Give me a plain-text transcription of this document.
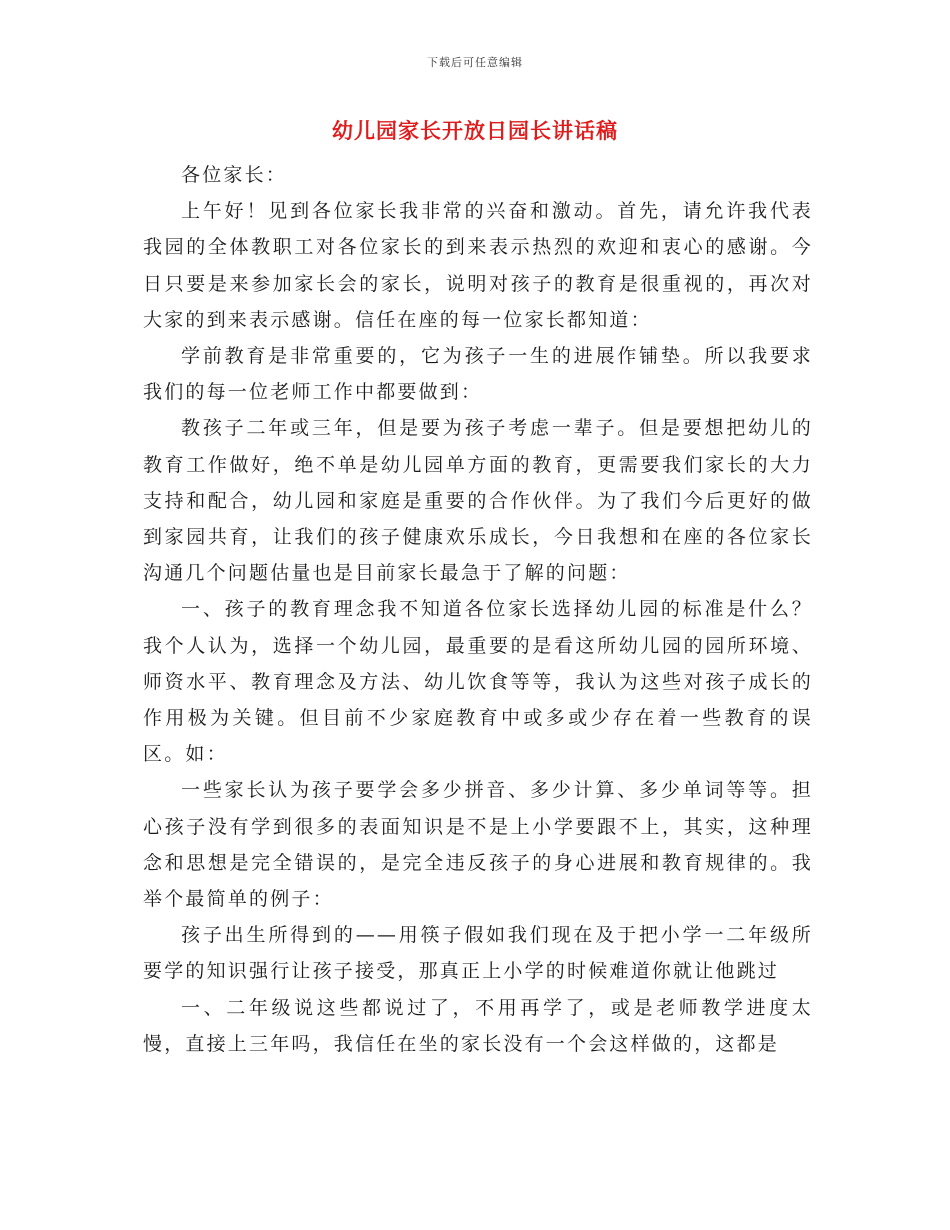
下载后可任意编辑
幼儿园家长开放日园长讲话稿

各位家长：

上午好！见到各位家长我非常的兴奋和激动。首先，请允许我代表我园的全体教职工对各位家长的到来表示热烈的欢迎和衷心的感谢。今日只要是来参加家长会的家长，说明对孩子的教育是很重视的，再次对大家的到来表示感谢。信任在座的每一位家长都知道：

学前教育是非常重要的，它为孩子一生的进展作铺垫。所以我要求我们的每一位老师工作中都要做到：

教孩子二年或三年，但是要为孩子考虑一辈子。但是要想把幼儿的教育工作做好，绝不单是幼儿园单方面的教育，更需要我们家长的大力支持和配合，幼儿园和家庭是重要的合作伙伴。为了我们今后更好的做到家园共育，让我们的孩子健康欢乐成长，今日我想和在座的各位家长沟通几个问题估量也是目前家长最急于了解的问题：

一、孩子的教育理念我不知道各位家长选择幼儿园的标准是什么？我个人认为，选择一个幼儿园，最重要的是看这所幼儿园的园所环境、师资水平、教育理念及方法、幼儿饮食等等，我认为这些对孩子成长的作用极为关键。但目前不少家庭教育中或多或少存在着一些教育的误区。如：

一些家长认为孩子要学会多少拼音、多少计算、多少单词等等。担心孩子没有学到很多的表面知识是不是上小学要跟不上，其实，这种理念和思想是完全错误的，是完全违反孩子的身心进展和教育规律的。我举个最简单的例子：

孩子出生所得到的——用筷子假如我们现在及于把小学一二年级所要学的知识强行让孩子接受，那真正上小学的时候难道你就让他跳过

一、二年级说这些都说过了，不用再学了，或是老师教学进度太慢，直接上三年吗，我信任在坐的家长没有一个会这样做的，这都是
